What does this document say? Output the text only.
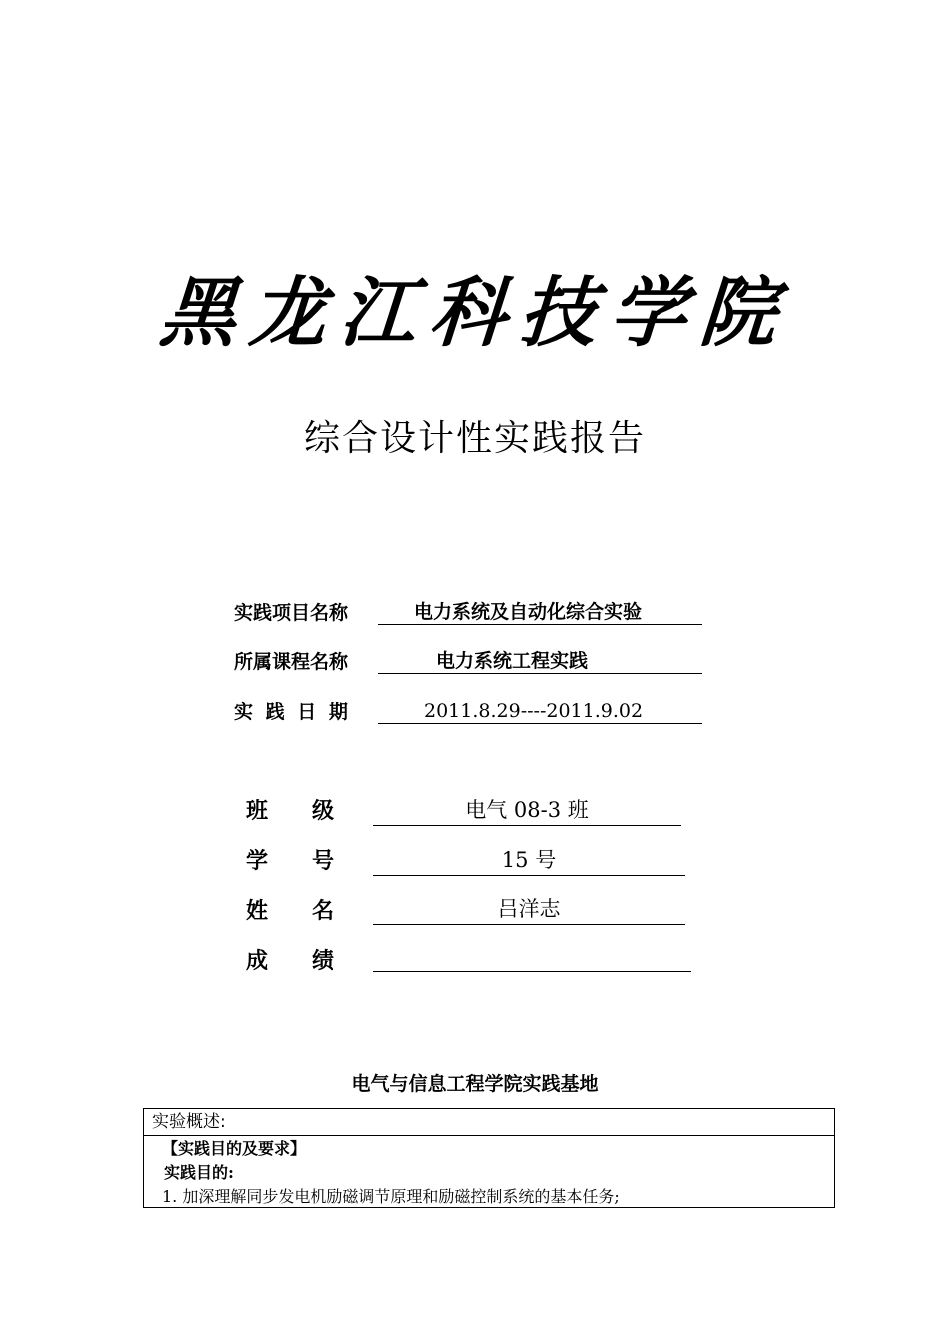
黑龙江科技学院
综合设计性实践报告
实践项目名称	电力系统及自动化综合实验
所属课程名称	电力系统工程实践
实 践 日 期	2011.8.29----2011.9.02
班　　级	电气 08-3 班
学　　号	15 号
姓　　名	吕洋志
成　　绩
电气与信息工程学院实践基地
实验概述:
【实践目的及要求】
实践目的:
1. 加深理解同步发电机励磁调节原理和励磁控制系统的基本任务;
